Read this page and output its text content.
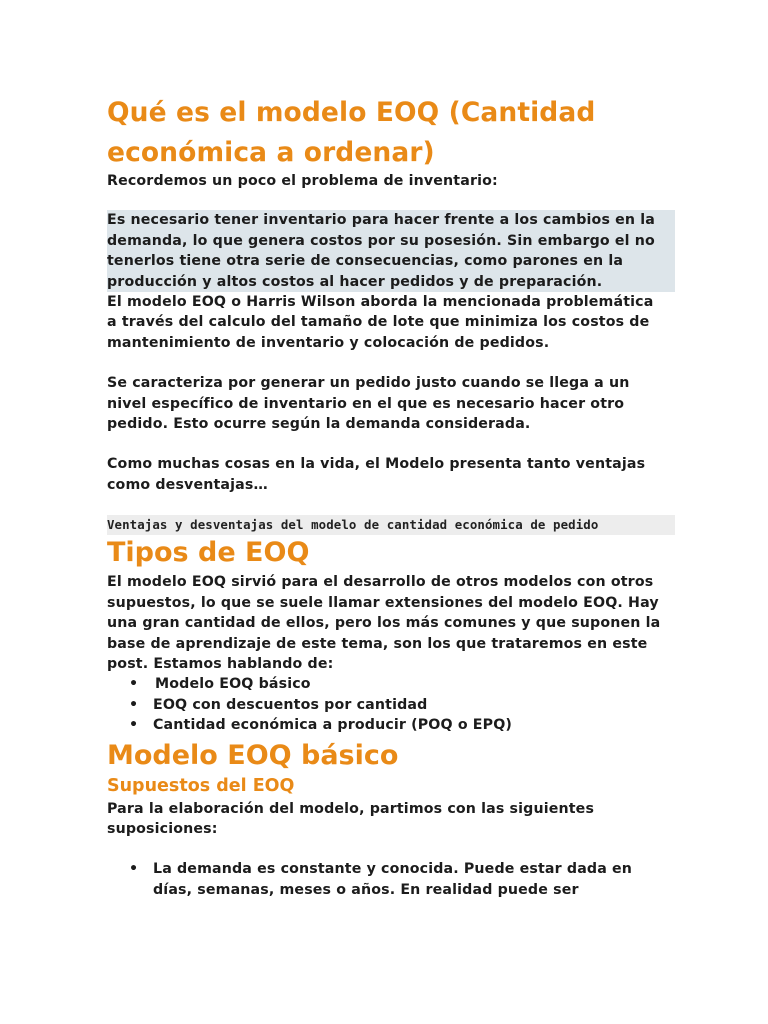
Qué es el modelo EOQ (Cantidad económica a ordenar)

Recordemos un poco el problema de inventario:

Es necesario tener inventario para hacer frente a los cambios en la demanda, lo que genera costos por su posesión. Sin embargo el no tenerlos tiene otra serie de consecuencias, como parones en la producción y altos costos al hacer pedidos y de preparación.

El modelo EOQ o Harris Wilson aborda la mencionada problemática a través del calculo del tamaño de lote que minimiza los costos de mantenimiento de inventario y colocación de pedidos.

Se caracteriza por generar un pedido justo cuando se llega a un nivel específico de inventario en el que es necesario hacer otro pedido. Esto ocurre según la demanda considerada.

Como muchas cosas en la vida, el Modelo presenta tanto ventajas como desventajas…

Ventajas y desventajas del modelo de cantidad económica de pedido
Tipos de EOQ

El modelo EOQ sirvió para el desarrollo de otros modelos con otros supuestos, lo que se suele llamar extensiones del modelo EOQ. Hay una gran cantidad de ellos, pero los más comunes y que suponen la base de aprendizaje de este tema, son los que trataremos en este post. Estamos hablando de:

• Modelo EOQ básico
• EOQ con descuentos por cantidad
• Cantidad económica a producir (POQ o EPQ)
Modelo EOQ básico
Supuestos del EOQ

Para la elaboración del modelo, partimos con las siguientes suposiciones:

• La demanda es constante y conocida. Puede estar dada en días, semanas, meses o años. En realidad puede ser
